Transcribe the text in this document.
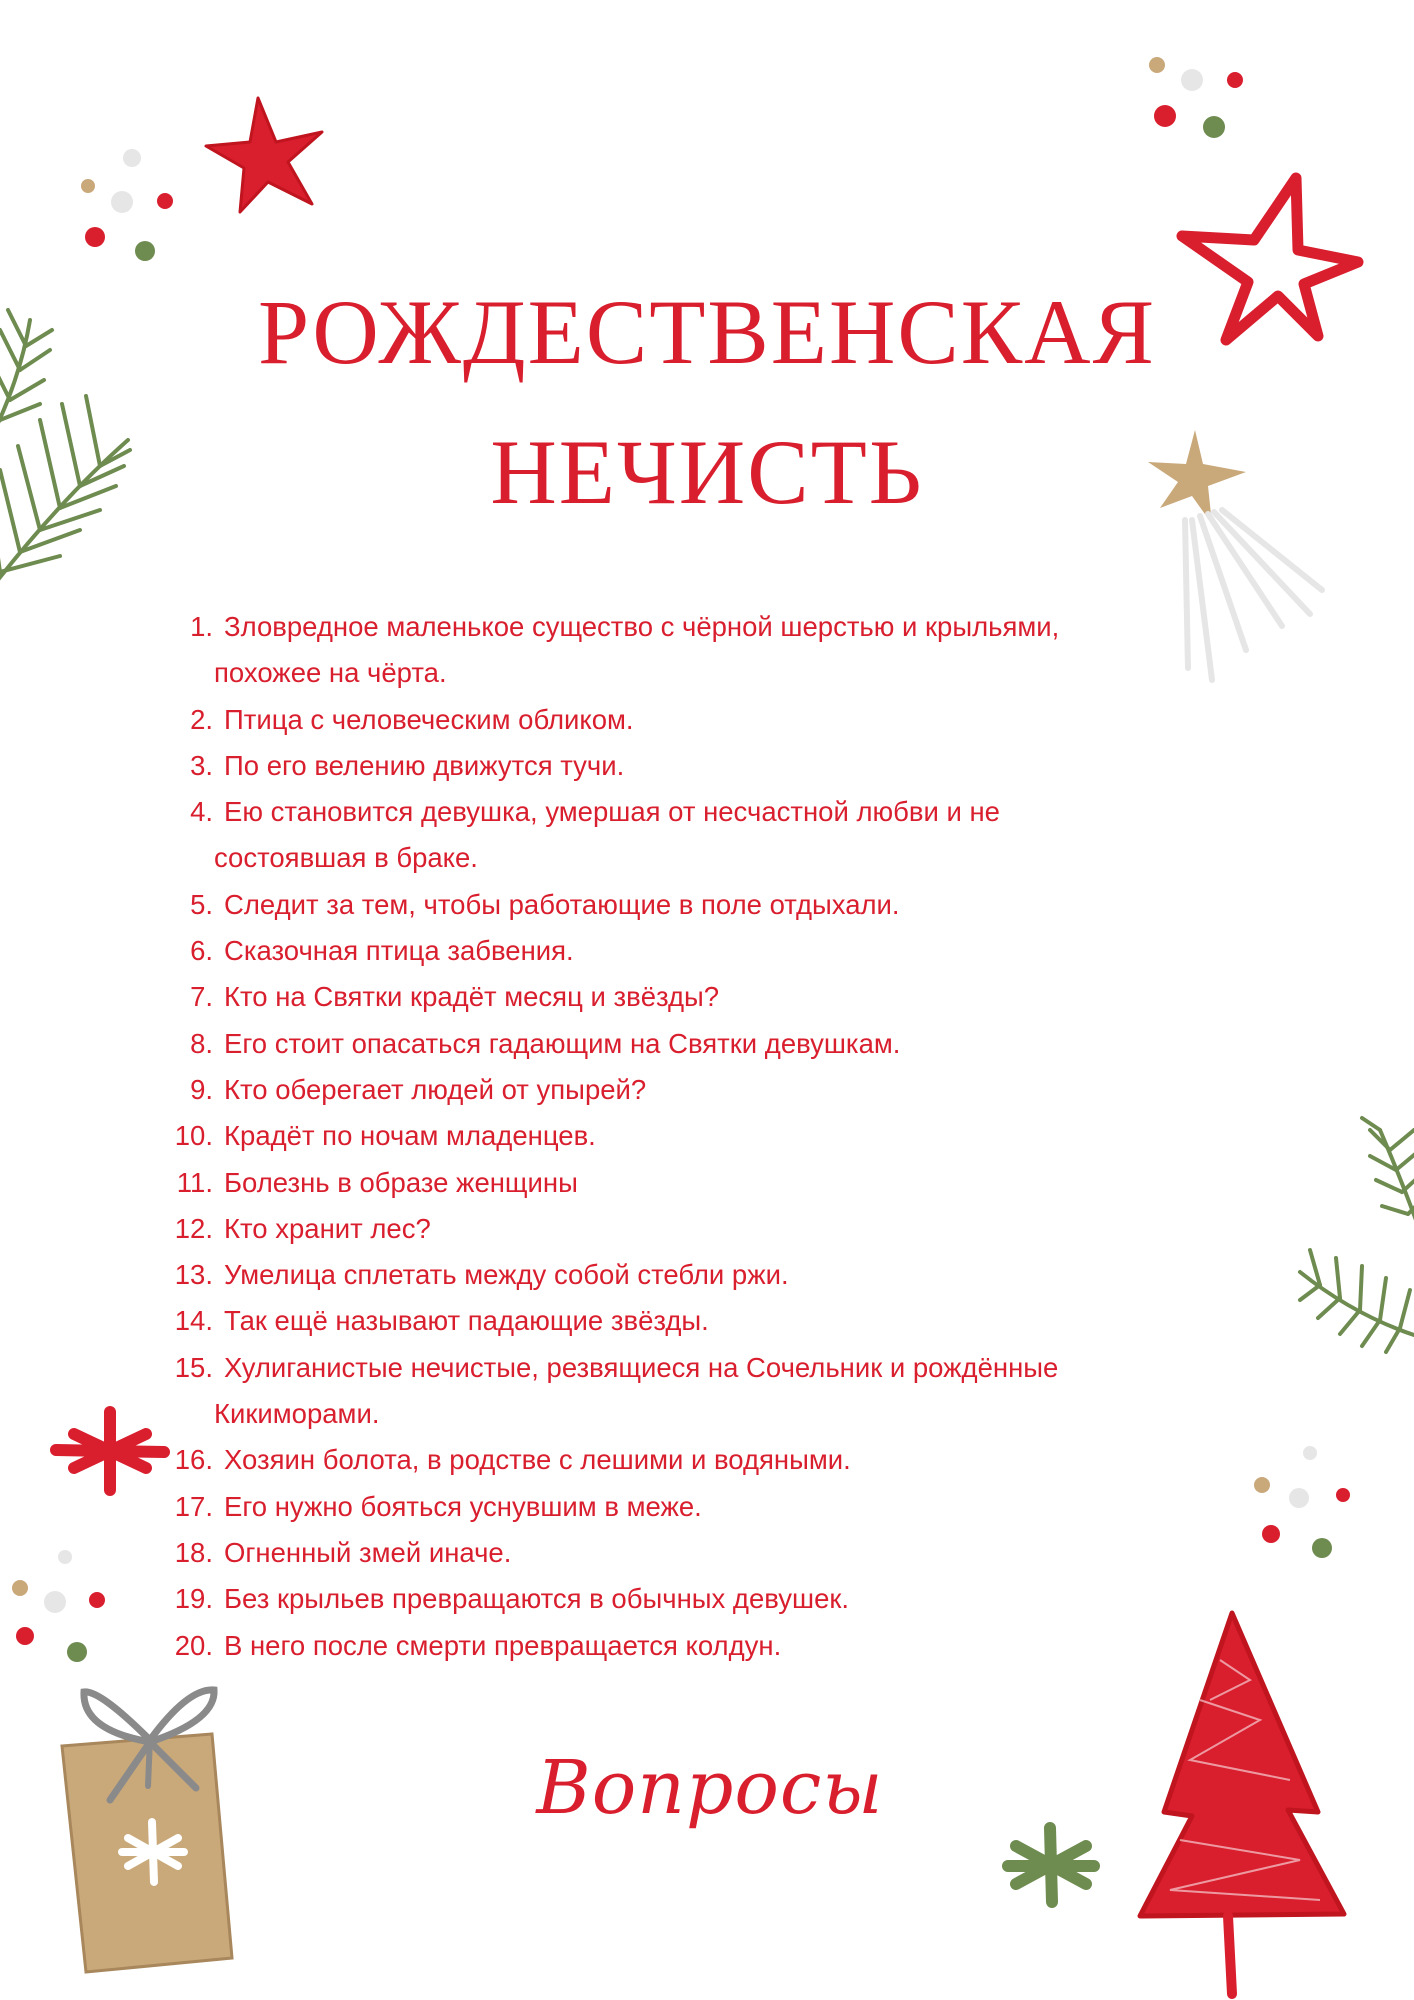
РОЖДЕСТВЕНСКАЯ
НЕЧИСТЬ
1. Зловредное маленькое существо с чёрной шерстью и крыльями,
похожее на чёрта.
2. Птица с человеческим обликом.
3. По его велению движутся тучи.
4. Ею становится девушка, умершая от несчастной любви и не
состоявшая в браке.
5. Следит за тем, чтобы работающие в поле отдыхали.
6. Сказочная птица забвения.
7. Кто на Святки крадёт месяц и звёзды?
8. Его стоит опасаться гадающим на Святки девушкам.
9. Кто оберегает людей от упырей?
10. Крадёт по ночам младенцев.
11. Болезнь в образе женщины
12. Кто хранит лес?
13. Умелица сплетать между собой стебли ржи.
14. Так ещё называют падающие звёзды.
15. Хулиганистые нечистые, резвящиеся на Сочельник и рождённые
Кикиморами.
16. Хозяин болота, в родстве с лешими и водяными.
17. Его нужно бояться уснувшим в меже.
18. Огненный змей иначе.
19. Без крыльев превращаются в обычных девушек.
20. В него после смерти превращается колдун.
Вопросы
